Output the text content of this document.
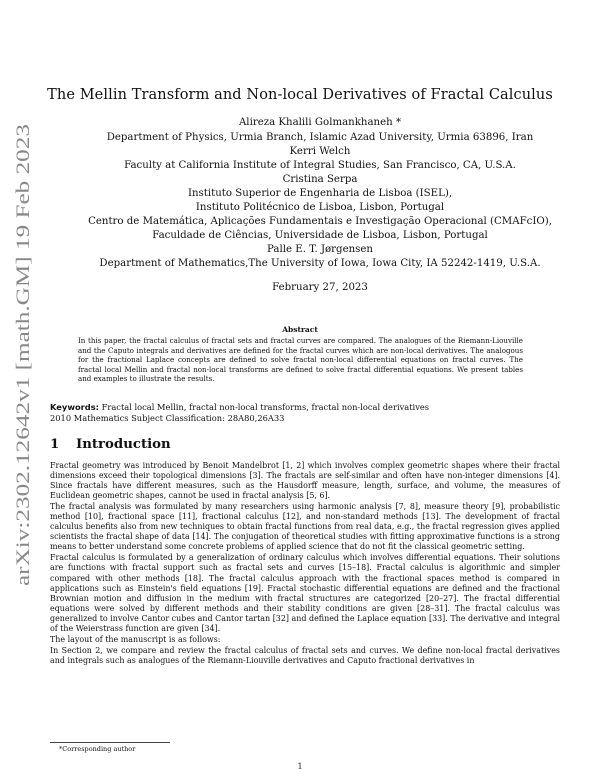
arXiv:2302.12642v1 [math.GM] 19 Feb 2023
The Mellin Transform and Non-local Derivatives of Fractal Calculus
Alireza Khalili Golmankhaneh *
Department of Physics, Urmia Branch, Islamic Azad University, Urmia 63896, Iran
Kerri Welch
Faculty at California Institute of Integral Studies, San Francisco, CA, U.S.A.
Cristina Serpa
Instituto Superior de Engenharia de Lisboa (ISEL),
Instituto Politécnico de Lisboa, Lisbon, Portugal
Centro de Matemática, Aplicações Fundamentais e Investigação Operacional (CMAFcIO),
Faculdade de Ciências, Universidade de Lisboa, Lisbon, Portugal
Palle E. T. Jørgensen
Department of Mathematics,The University of Iowa, Iowa City, IA 52242-1419, U.S.A.
February 27, 2023
Abstract
In this paper, the fractal calculus of fractal sets and fractal curves are compared. The analogues of the Riemann-Liouville and the Caputo integrals and derivatives are defined for the fractal curves which are non-local derivatives. The analogous for the fractional Laplace concepts are defined to solve fractal non-local differential equations on fractal curves. The fractal local Mellin and fractal non-local transforms are defined to solve fractal differential equations. We present tables and examples to illustrate the results.
Keywords: Fractal local Mellin, fractal non-local transforms, fractal non-local derivatives
2010 Mathematics Subject Classification: 28A80,26A33
1 Introduction

Fractal geometry was introduced by Benoit Mandelbrot [1, 2] which involves complex geometric shapes where their fractal dimensions exceed their topological dimensions [3]. The fractals are self-similar and often have non-integer dimensions [4]. Since fractals have different measures, such as the Hausdorff measure, length, surface, and volume, the measures of Euclidean geometric shapes, cannot be used in fractal analysis [5, 6].

The fractal analysis was formulated by many researchers using harmonic analysis [7, 8], measure theory [9], probabilistic method [10], fractional space [11], fractional calculus [12], and non-standard methods [13]. The development of fractal calculus benefits also from new techniques to obtain fractal functions from real data, e.g., the fractal regression gives applied scientists the fractal shape of data [14]. The conjugation of theoretical studies with fitting approximative functions is a strong means to better understand some concrete problems of applied science that do not fit the classical geometric setting.

Fractal calculus is formulated by a generalization of ordinary calculus which involves differential equations. Their solutions are functions with fractal support such as fractal sets and curves [15–18]. Fractal calculus is algorithmic and simpler compared with other methods [18]. The fractal calculus approach with the fractional spaces method is compared in applications such as Einstein's field equations [19]. Fractal stochastic differential equations are defined and the fractional Brownian motion and diffusion in the medium with fractal structures are categorized [20–27]. The fractal differential equations were solved by different methods and their stability conditions are given [28–31]. The fractal calculus was generalized to involve Cantor cubes and Cantor tartan [32] and defined the Laplace equation [33]. The derivative and integral of the Weierstrass function are given [34].

The layout of the manuscript is as follows:

In Section 2, we compare and review the fractal calculus of fractal sets and curves. We define non-local fractal derivatives and integrals such as analogues of the Riemann-Liouville derivatives and Caputo fractional derivatives in

*Corresponding author
1
